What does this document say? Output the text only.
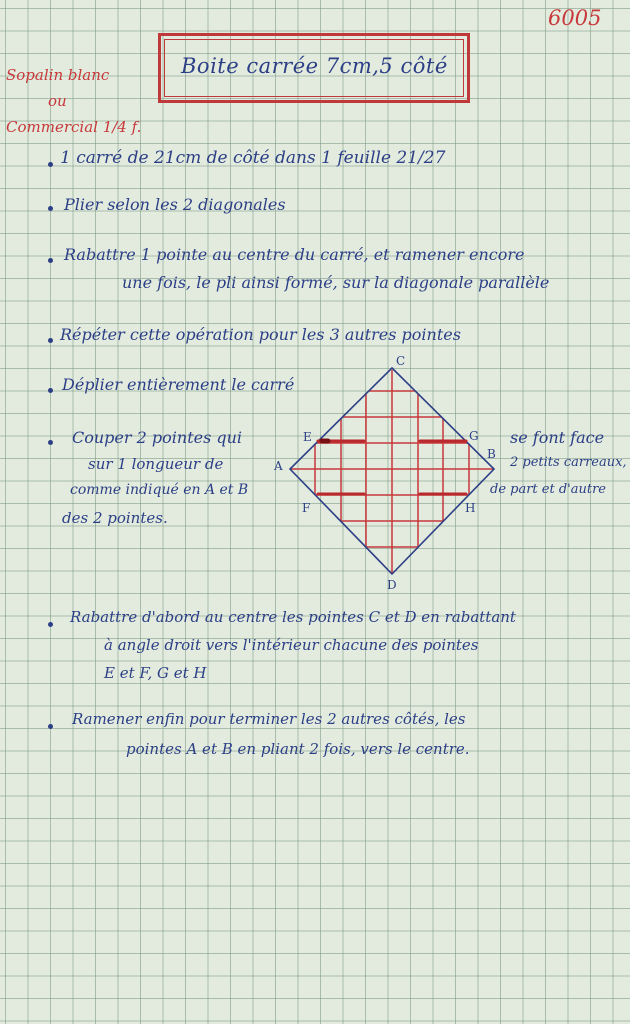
6005
Boite carrée 7cm,5 côté
Sopalin blanc
ou
Commercial 1/4 f.
1 carré de 21cm de côté dans 1 feuille 21/27
Plier selon les 2 diagonales
Rabattre 1 pointe au centre du carré, et ramener encore
une fois, le pli ainsi formé, sur la diagonale parallèle
Répéter cette opération pour les 3 autres pointes
Déplier entièrement le carré
Couper 2 pointes qui	se font face
sur 1 longueur de	2 petits carreaux,
comme indiqué en A et B	de part et d'autre
des 2 pointes.
Rabattre d'abord au centre les pointes C et D en rabattant
à angle droit vers l'intérieur chacune des pointes
E et F, G et H
Ramener enfin pour terminer les 2 autres côtés, les
pointes A et B en pliant 2 fois, vers le centre.
C
D
A
B
E	G
F	H
